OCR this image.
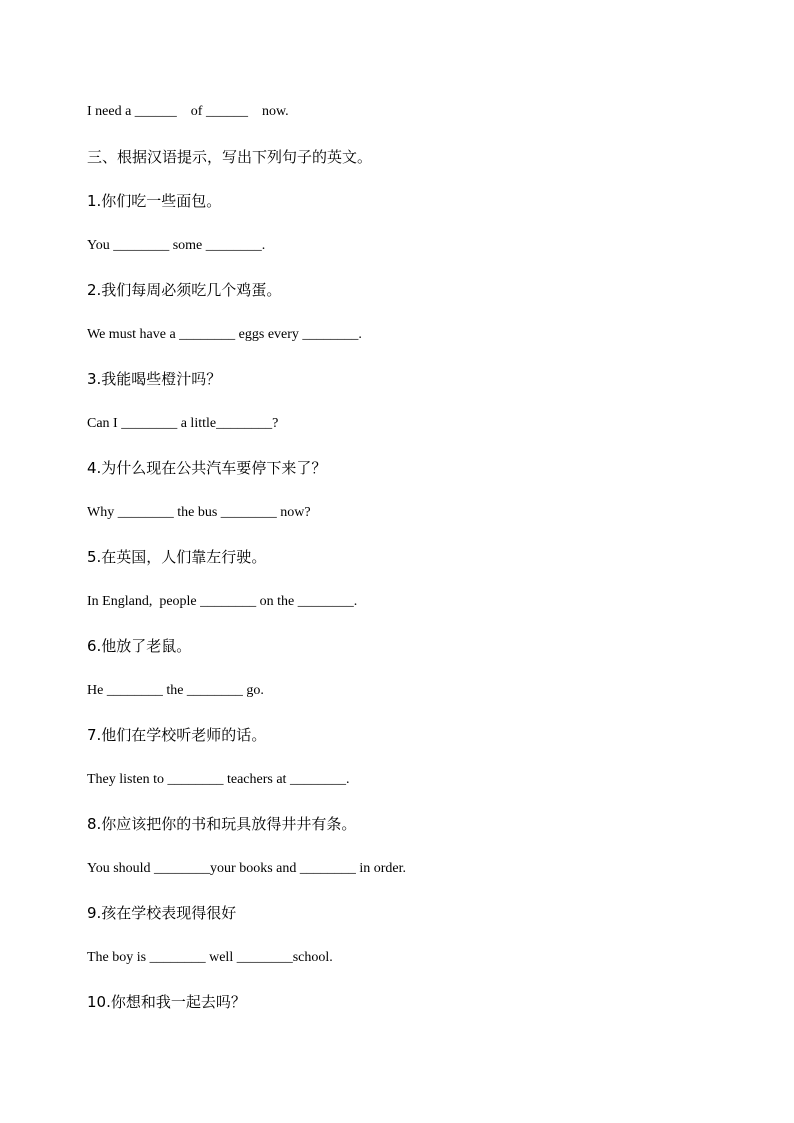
I need a ______    of ______    now.
三、根据汉语提示，写出下列句子的英文。
1.你们吃一些面包。
You ________ some ________.
2.我们每周必须吃几个鸡蛋。
We must have a ________ eggs every ________.
3.我能喝些橙汁吗？
Can I ________ a little________?
4.为什么现在公共汽车要停下来了？
Why ________ the bus ________ now?
5.在英国，人们靠左行驶。
In England,  people ________ on the ________.
6.他放了老鼠。
He ________ the ________ go.
7.他们在学校听老师的话。
They listen to ________ teachers at ________.
8.你应该把你的书和玩具放得井井有条。
You should ________your books and ________ in order.
9.孩在学校表现得很好
The boy is ________ well ________school.
10.你想和我一起去吗？
